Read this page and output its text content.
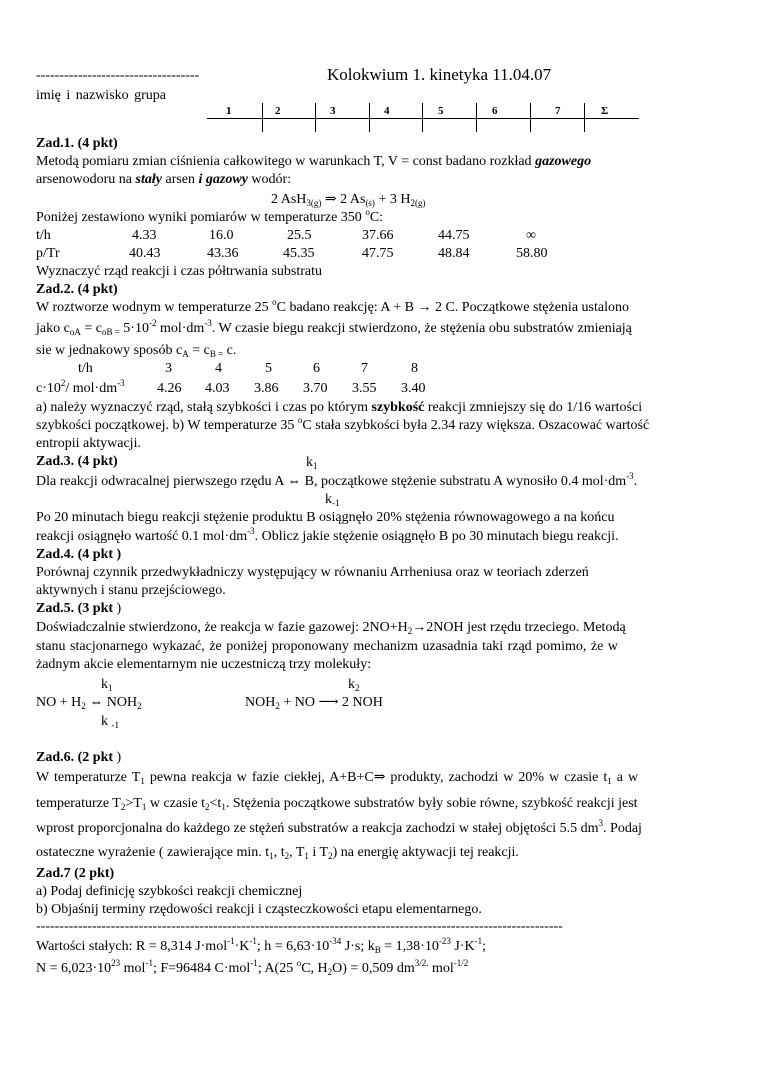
-----------------------------------	Kolokwium 1. kinetyka 11.04.07
imię i nazwisko grupa
1	2	3	4	5	6	7	Σ
Zad.1. (4 pkt)
Metodą pomiaru zmian ciśnienia całkowitego w warunkach T, V = const badano rozkład gazowego
arsenowodoru na stały arsen i gazowy wodór:
2 AsH$_{3(g)}$ ⇒ 2 $As_{(s)} + 3$ $H_{2(g)}$
Poniżej zestawiono wyniki pomiarów w temperaturze 350 $^o$C:
t/h	4.33	16.0	25.5	37.66	44.75	∞
p/Tr	40.43	43.36	45.35	47.75	48.84	58.80
Wyznaczyć rząd reakcji i czas półtrwania substratu
Zad.2. (4 pkt)
W roztworze wodnym w temperaturze 25 $^o$C badano reakcję: A + B → 2 C. Początkowe stężenia ustalono
jako $c_{oA} = c_{oB =}$ $5\cdot 10^{-2}$ $mol\cdot dm^{-3}$. W czasie biegu reakcji stwierdzono, że stężenia obu substratów zmieniają
sie w jednakowy sposób $c_A = c_{B =}$ c.
t/h	3	4	5	6	7	8
$c\cdot 10^2/$ $mol\cdot dm^{-3}$ 4.26 4.03 3.86 3.70 3.55 3.40
a) należy wyznaczyć rząd, stałą szybkości i czas po którym szybkość reakcji zmniejszy się do 1/16 wartości
szybkości początkowej. b) W temperaturze 35 $^o$C stała szybkości była 2.34 razy większa. Oszacować wartość
entropii aktywacji.
Zad.3. (4 pkt)	$k_1$
Dla reakcji odwracalnej pierwszego rzędu A ⇔ B, początkowe stężenie substratu A wynosiło 0.4 $mol\cdot dm^{-3}$.
$k_{-1}$
Po 20 minutach biegu reakcji stężenie produktu B osiągnęło 20% stężenia równowagowego a na końcu
reakcji osiągnęło wartość 0.1 $mol\cdot dm^{-3}$. Oblicz jakie stężenie osiągnęło B po 30 minutach biegu reakcji.
Zad.4. (4 pkt )
Porównaj czynnik przedwykładniczy występujący w równaniu Arrheniusa oraz w teoriach zderzeń
aktywnych i stanu przejściowego.
Zad.5. (3 pkt )
Doświadczalnie stwierdzono, że reakcja w fazie gazowej: $2NO+H_2\to 2NOH$ jest rzędu trzeciego. Metodą
stanu stacjonarnego wykazać, że poniżej proponowany mechanizm uzasadnia taki rząd pomimo, że w
żadnym akcie elementarnym nie uczestniczą trzy molekuły:
$k_1$	$k_2$
NO + $H_2$ ⇔ $NOH_2$	$NOH_2$ + NO ⟶ 2 NOH
k $_{-1}$
Zad.6. (2 pkt )
W temperaturze $T_1$ pewna reakcja w fazie ciekłej, A+B+C⇒ produkty, zachodzi w 20% w czasie $t_1$ a w
temperaturze $T_2>T_1$ w czasie $t_2<t_1$. Stężenia początkowe substratów były sobie równe, szybkość reakcji jest
wprost proporcjonalna do każdego ze stężeń substratów a reakcja zachodzi w stałej objętości 5.5 $dm^3$. Podaj
ostateczne wyrażenie ( zawierające min. $t_1$, $t_2$, $T_1$ i $T_2$) na energię aktywacji tej reakcji.
Zad.7 (2 pkt)
a) Podaj definicję szybkości reakcji chemicznej
b) Objaśnij terminy rzędowości reakcji i cząsteczkowości etapu elementarnego.
-----------------------------------------------------------------------------------------------------------------
Wartości stałych: R = 8,314 $J\cdot mol^{-1}\cdot K^{-1}$; $h = 6,63\cdot 10^{-34}$ J·s; $k_B = 1,38\cdot 10^{-23}$ $J\cdot K^{-1}$;
$N = 6,023\cdot 10^{23}$ mol$^{-1}$; F=96484 C·mol$^{-1}$; A(25 $^o$C, $H_2O) = 0,509$ $dm^{3/2.}$ mol$^{-1/2}$
